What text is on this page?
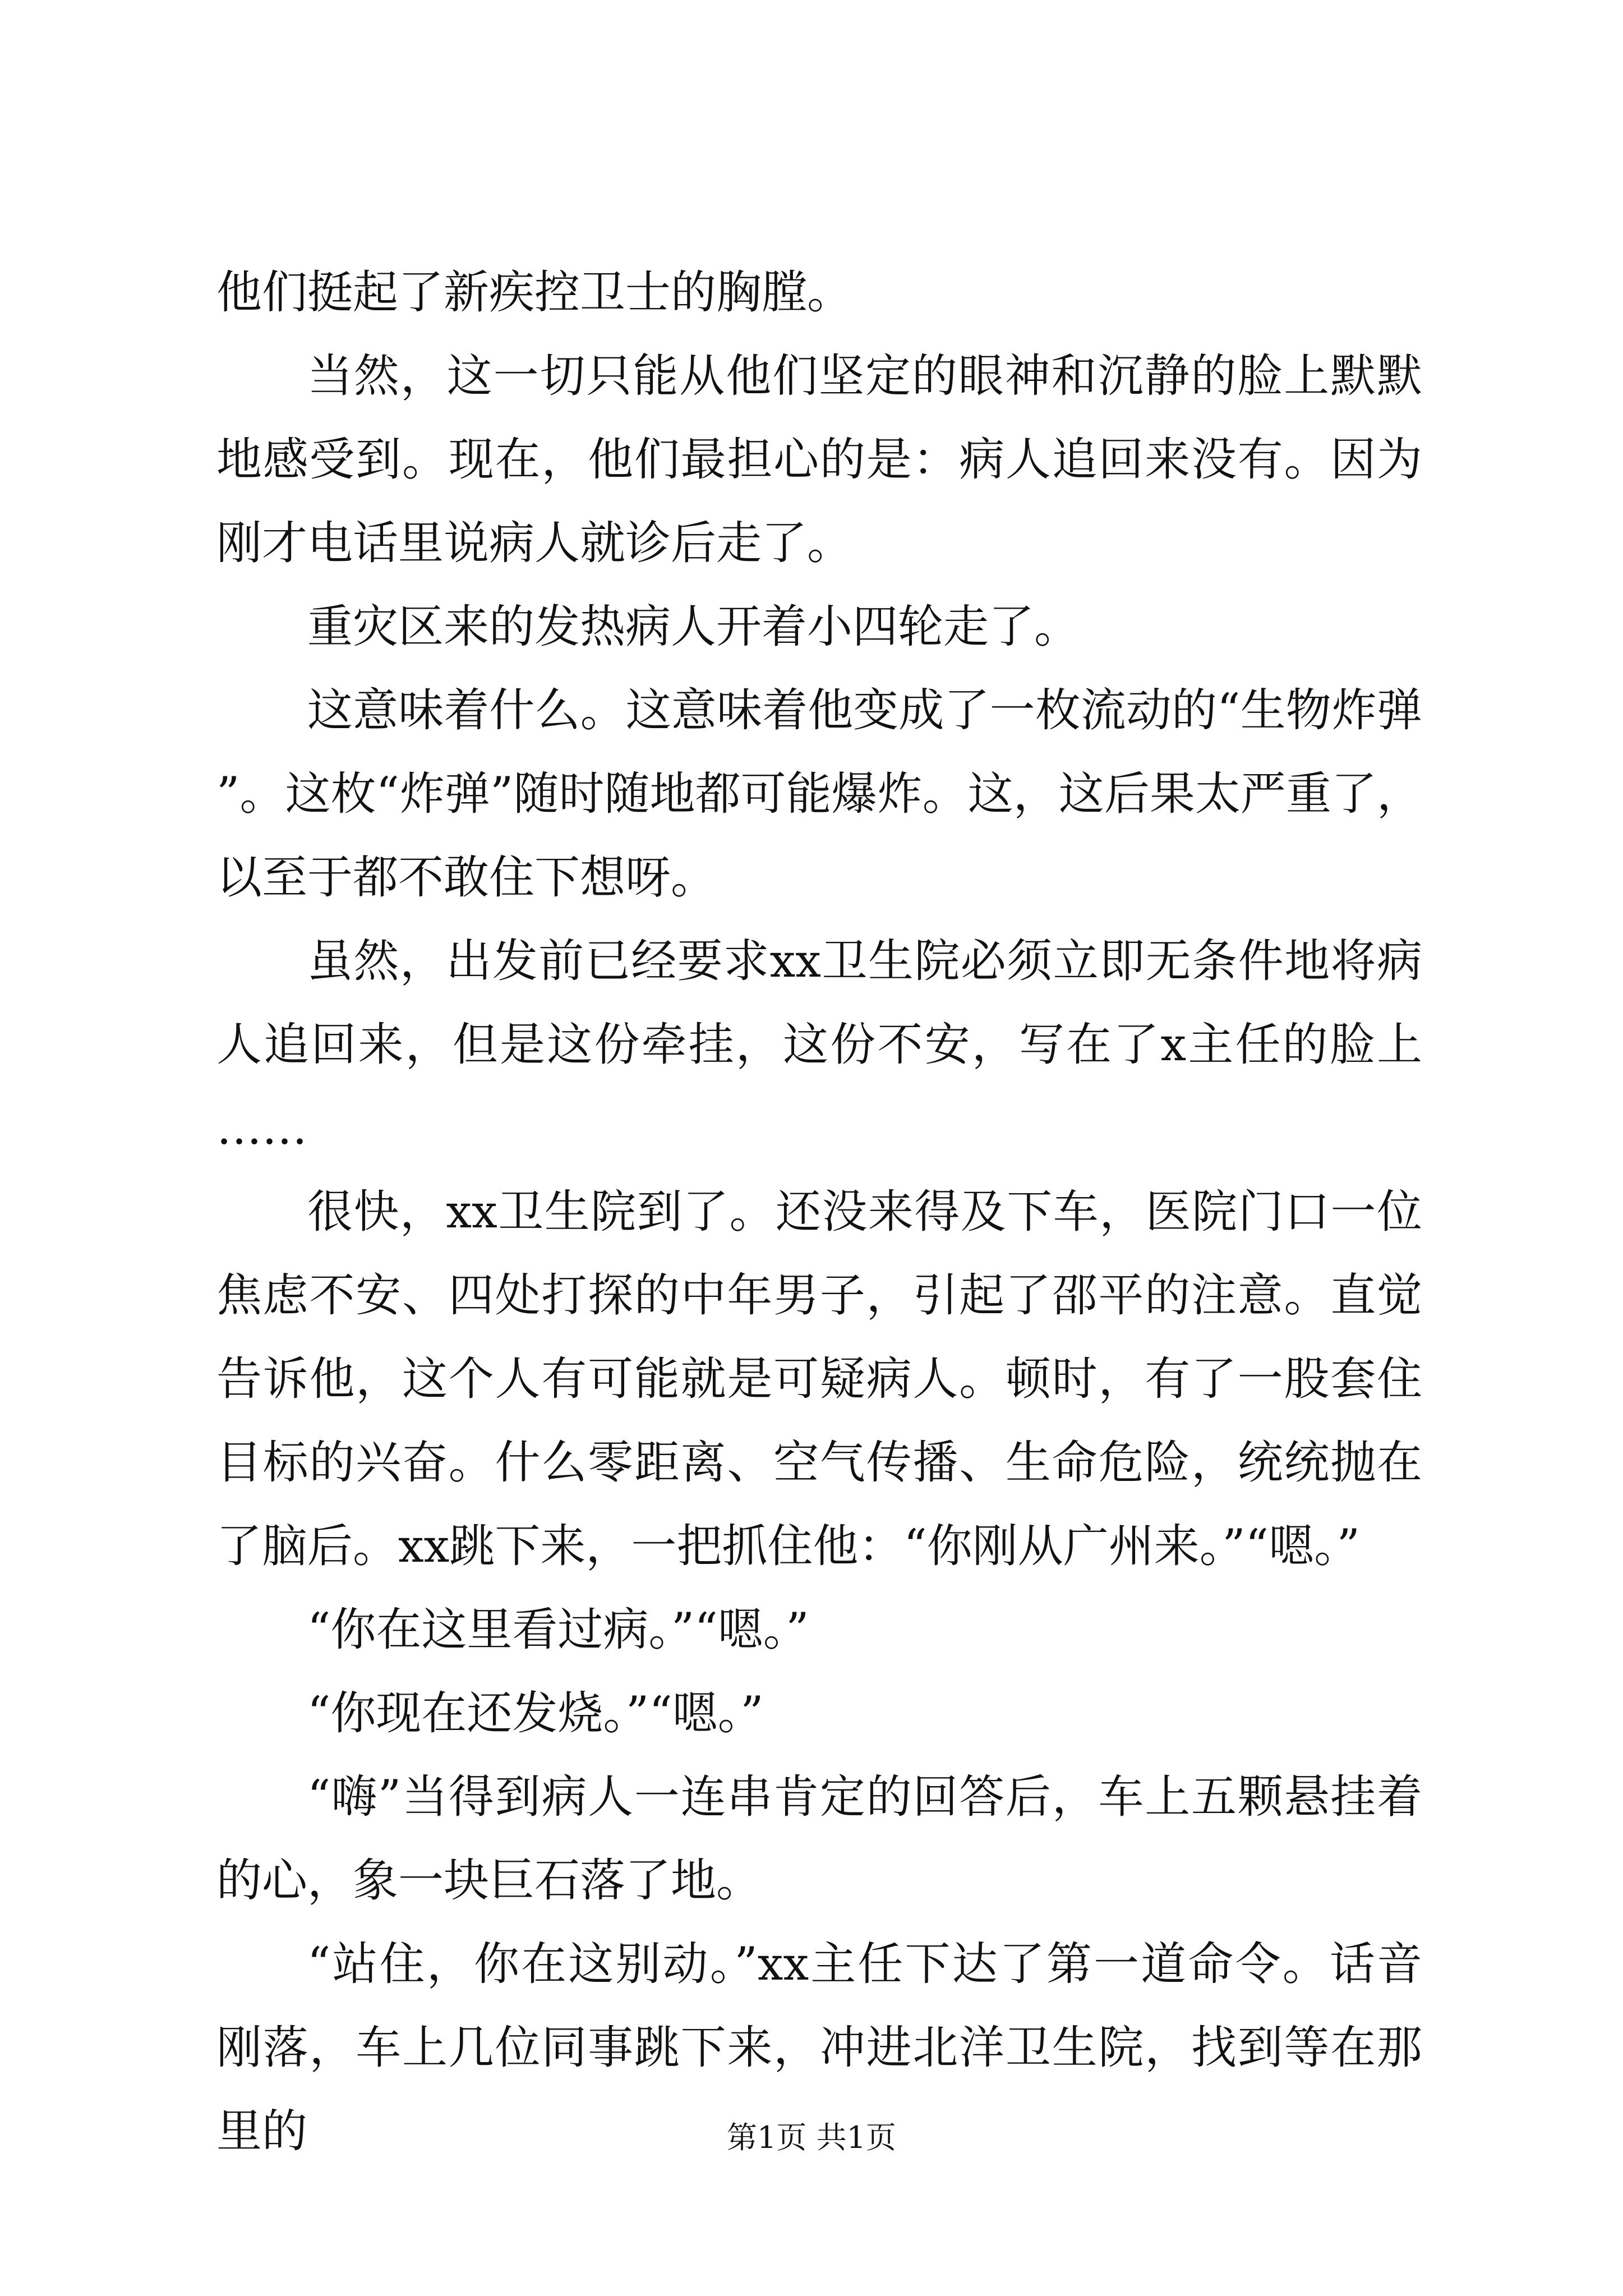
他们挺起了新疾控卫士的胸膛。

当然，这一切只能从他们坚定的眼神和沉静的脸上默默地感受到。现在，他们最担心的是：病人追回来没有。因为刚才电话里说病人就诊后走了。

重灾区来的发热病人开着小四轮走了。

这意味着什么。这意味着他变成了一枚流动的“生物炸弹”。这枚“炸弹”随时随地都可能爆炸。这，这后果太严重了，以至于都不敢住下想呀。

虽然，出发前已经要求xx卫生院必须立即无条件地将病人追回来，但是这份牵挂，这份不安，写在了x主任的脸上……

很快，xx卫生院到了。还没来得及下车，医院门口一位焦虑不安、四处打探的中年男子，引起了邵平的注意。直觉告诉他，这个人有可能就是可疑病人。顿时，有了一股套住目标的兴奋。什么零距离、空气传播、生命危险，统统抛在了脑后。xx跳下来，一把抓住他：“你刚从广州来。”“嗯。”

“你在这里看过病。”“嗯。”

“你现在还发烧。”“嗯。”

“嗨”当得到病人一连串肯定的回答后，车上五颗悬挂着的心，象一块巨石落了地。

“站住，你在这别动。”xx主任下达了第一道命令。话音刚落，车上几位同事跳下来，冲进北洋卫生院，找到等在那里的	第1页 共1页
